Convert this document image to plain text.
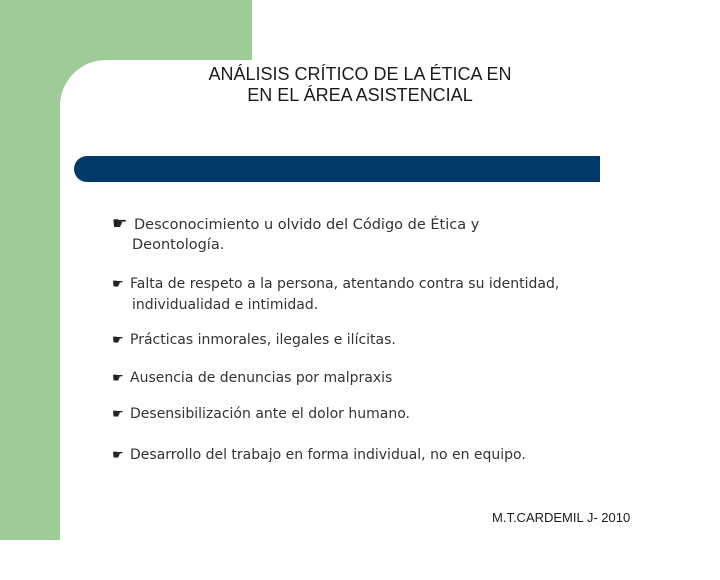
ANÁLISIS CRÍTICO DE LA ÉTICA EN
EN EL ÁREA ASISTENCIAL
☛ Desconocimiento u olvido del Código de Ética y
Deontología.
☛ Falta de respeto a la persona, atentando contra su identidad,
individualidad e intimidad.
☛ Prácticas inmorales, ilegales e ilícitas.
☛ Ausencia de denuncias por malpraxis
☛ Desensibilización ante el dolor humano.
☛ Desarrollo del trabajo en forma individual, no en equipo.
M.T.CARDEMIL J- 2010
